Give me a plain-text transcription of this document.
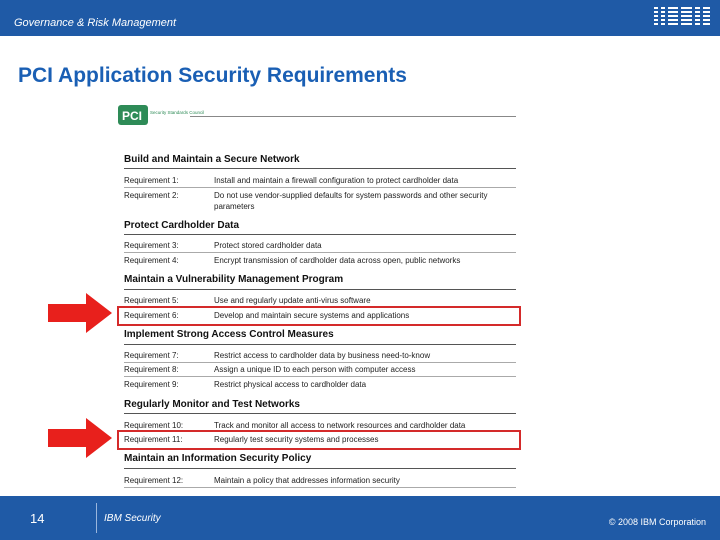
Governance & Risk Management
PCI Application Security Requirements
PCI Security Standards Council
Build and Maintain a Secure Network
Requirement 1:	Install and maintain a firewall configuration to protect cardholder data
Requirement 2:	Do not use vendor-supplied defaults for system passwords and other security parameters
Protect Cardholder Data
Requirement 3:	Protect stored cardholder data
Requirement 4:	Encrypt transmission of cardholder data across open, public networks
Maintain a Vulnerability Management Program
Requirement 5:	Use and regularly update anti-virus software
Requirement 6:	Develop and maintain secure systems and applications
Implement Strong Access Control Measures
Requirement 7:	Restrict access to cardholder data by business need-to-know
Requirement 8:	Assign a unique ID to each person with computer access
Requirement 9:	Restrict physical access to cardholder data
Regularly Monitor and Test Networks
Requirement 10:	Track and monitor all access to network resources and cardholder data
Requirement 11:	Regularly test security systems and processes
Maintain an Information Security Policy
Requirement 12:	Maintain a policy that addresses information security
14	IBM Security	© 2008 IBM Corporation
